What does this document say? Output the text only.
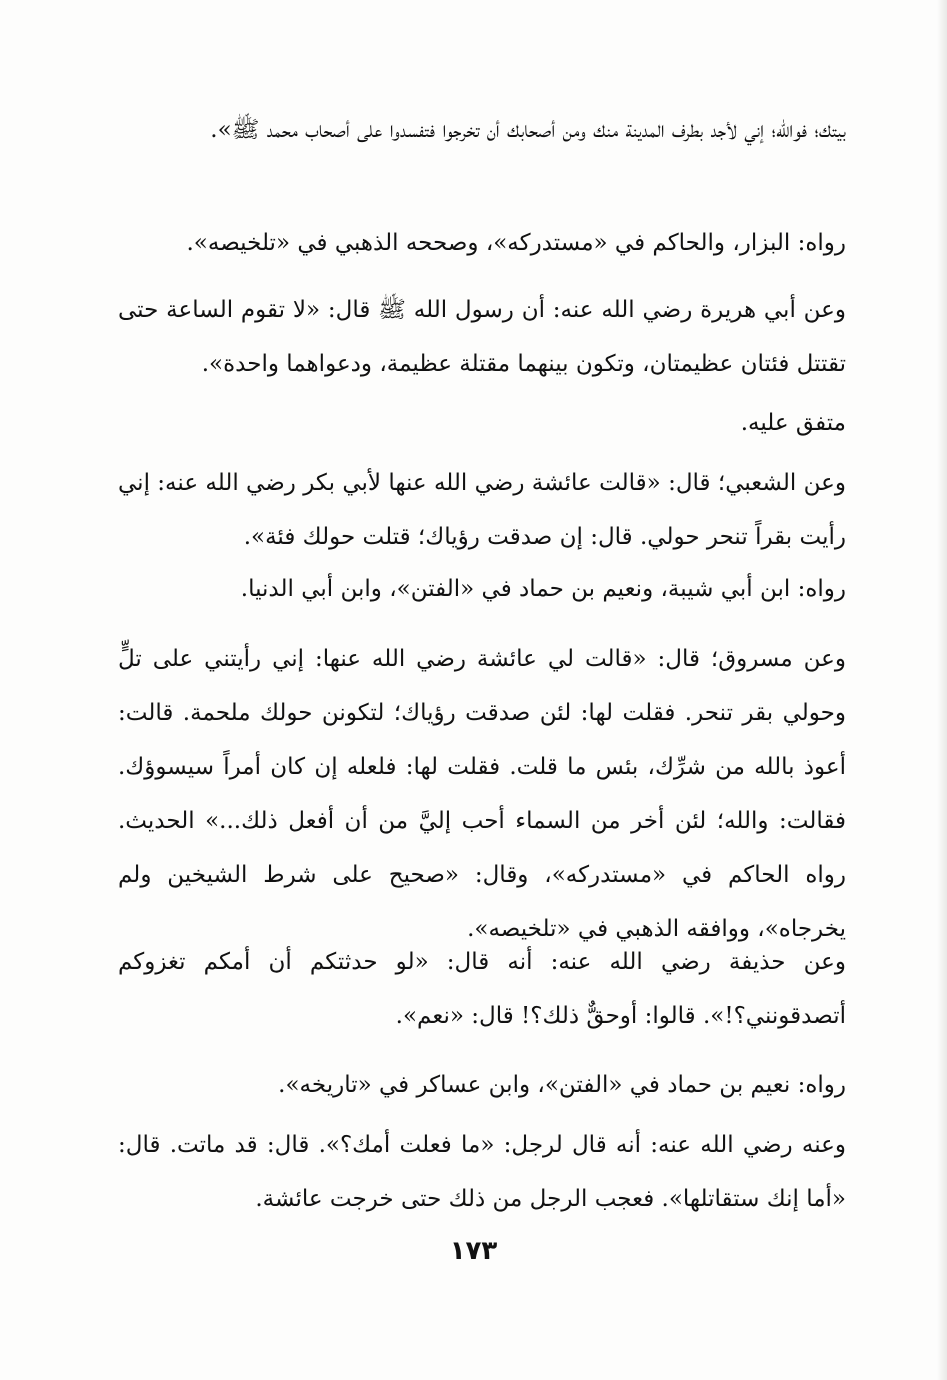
بيتك؛ فوالله؛ إني لأجد بطرف المدينة منك ومن أصحابك أن تخرجوا فتفسدوا على أصحاب محمد ﷺ».

رواه: البزار، والحاكم في «مستدركه»، وصححه الذهبي في «تلخيصه».

وعن أبي هريرة رضي الله عنه: أن رسول الله ﷺ قال: «لا تقوم الساعة حتى تقتتل فئتان عظيمتان، وتكون بينهما مقتلة عظيمة، ودعواهما واحدة».

متفق عليه.

وعن الشعبي؛ قال: «قالت عائشة رضي الله عنها لأبي بكر رضي الله عنه: إني رأيت بقراً تنحر حولي. قال: إن صدقت رؤياك؛ قتلت حولك فئة».

رواه: ابن أبي شيبة، ونعيم بن حماد في «الفتن»، وابن أبي الدنيا.

وعن مسروق؛ قال: «قالت لي عائشة رضي الله عنها: إني رأيتني على تلٍّ وحولي بقر تنحر. فقلت لها: لئن صدقت رؤياك؛ لتكونن حولك ملحمة. قالت: أعوذ بالله من شرِّك، بئس ما قلت. فقلت لها: فلعله إن كان أمراً سيسوؤك. فقالت: والله؛ لئن أخر من السماء أحب إليَّ من أن أفعل ذلك...» الحديث. رواه الحاكم في «مستدركه»، وقال: «صحيح على شرط الشيخين ولم يخرجاه»، ووافقه الذهبي في «تلخيصه».

وعن حذيفة رضي الله عنه: أنه قال: «لو حدثتكم أن أمكم تغزوكم أتصدقونني؟!». قالوا: أوحقٌّ ذلك؟! قال: «نعم».

رواه: نعيم بن حماد في «الفتن»، وابن عساكر في «تاريخه».

وعنه رضي الله عنه: أنه قال لرجل: «ما فعلت أمك؟». قال: قد ماتت. قال: «أما إنك ستقاتلها». فعجب الرجل من ذلك حتى خرجت عائشة.

١٧٣
